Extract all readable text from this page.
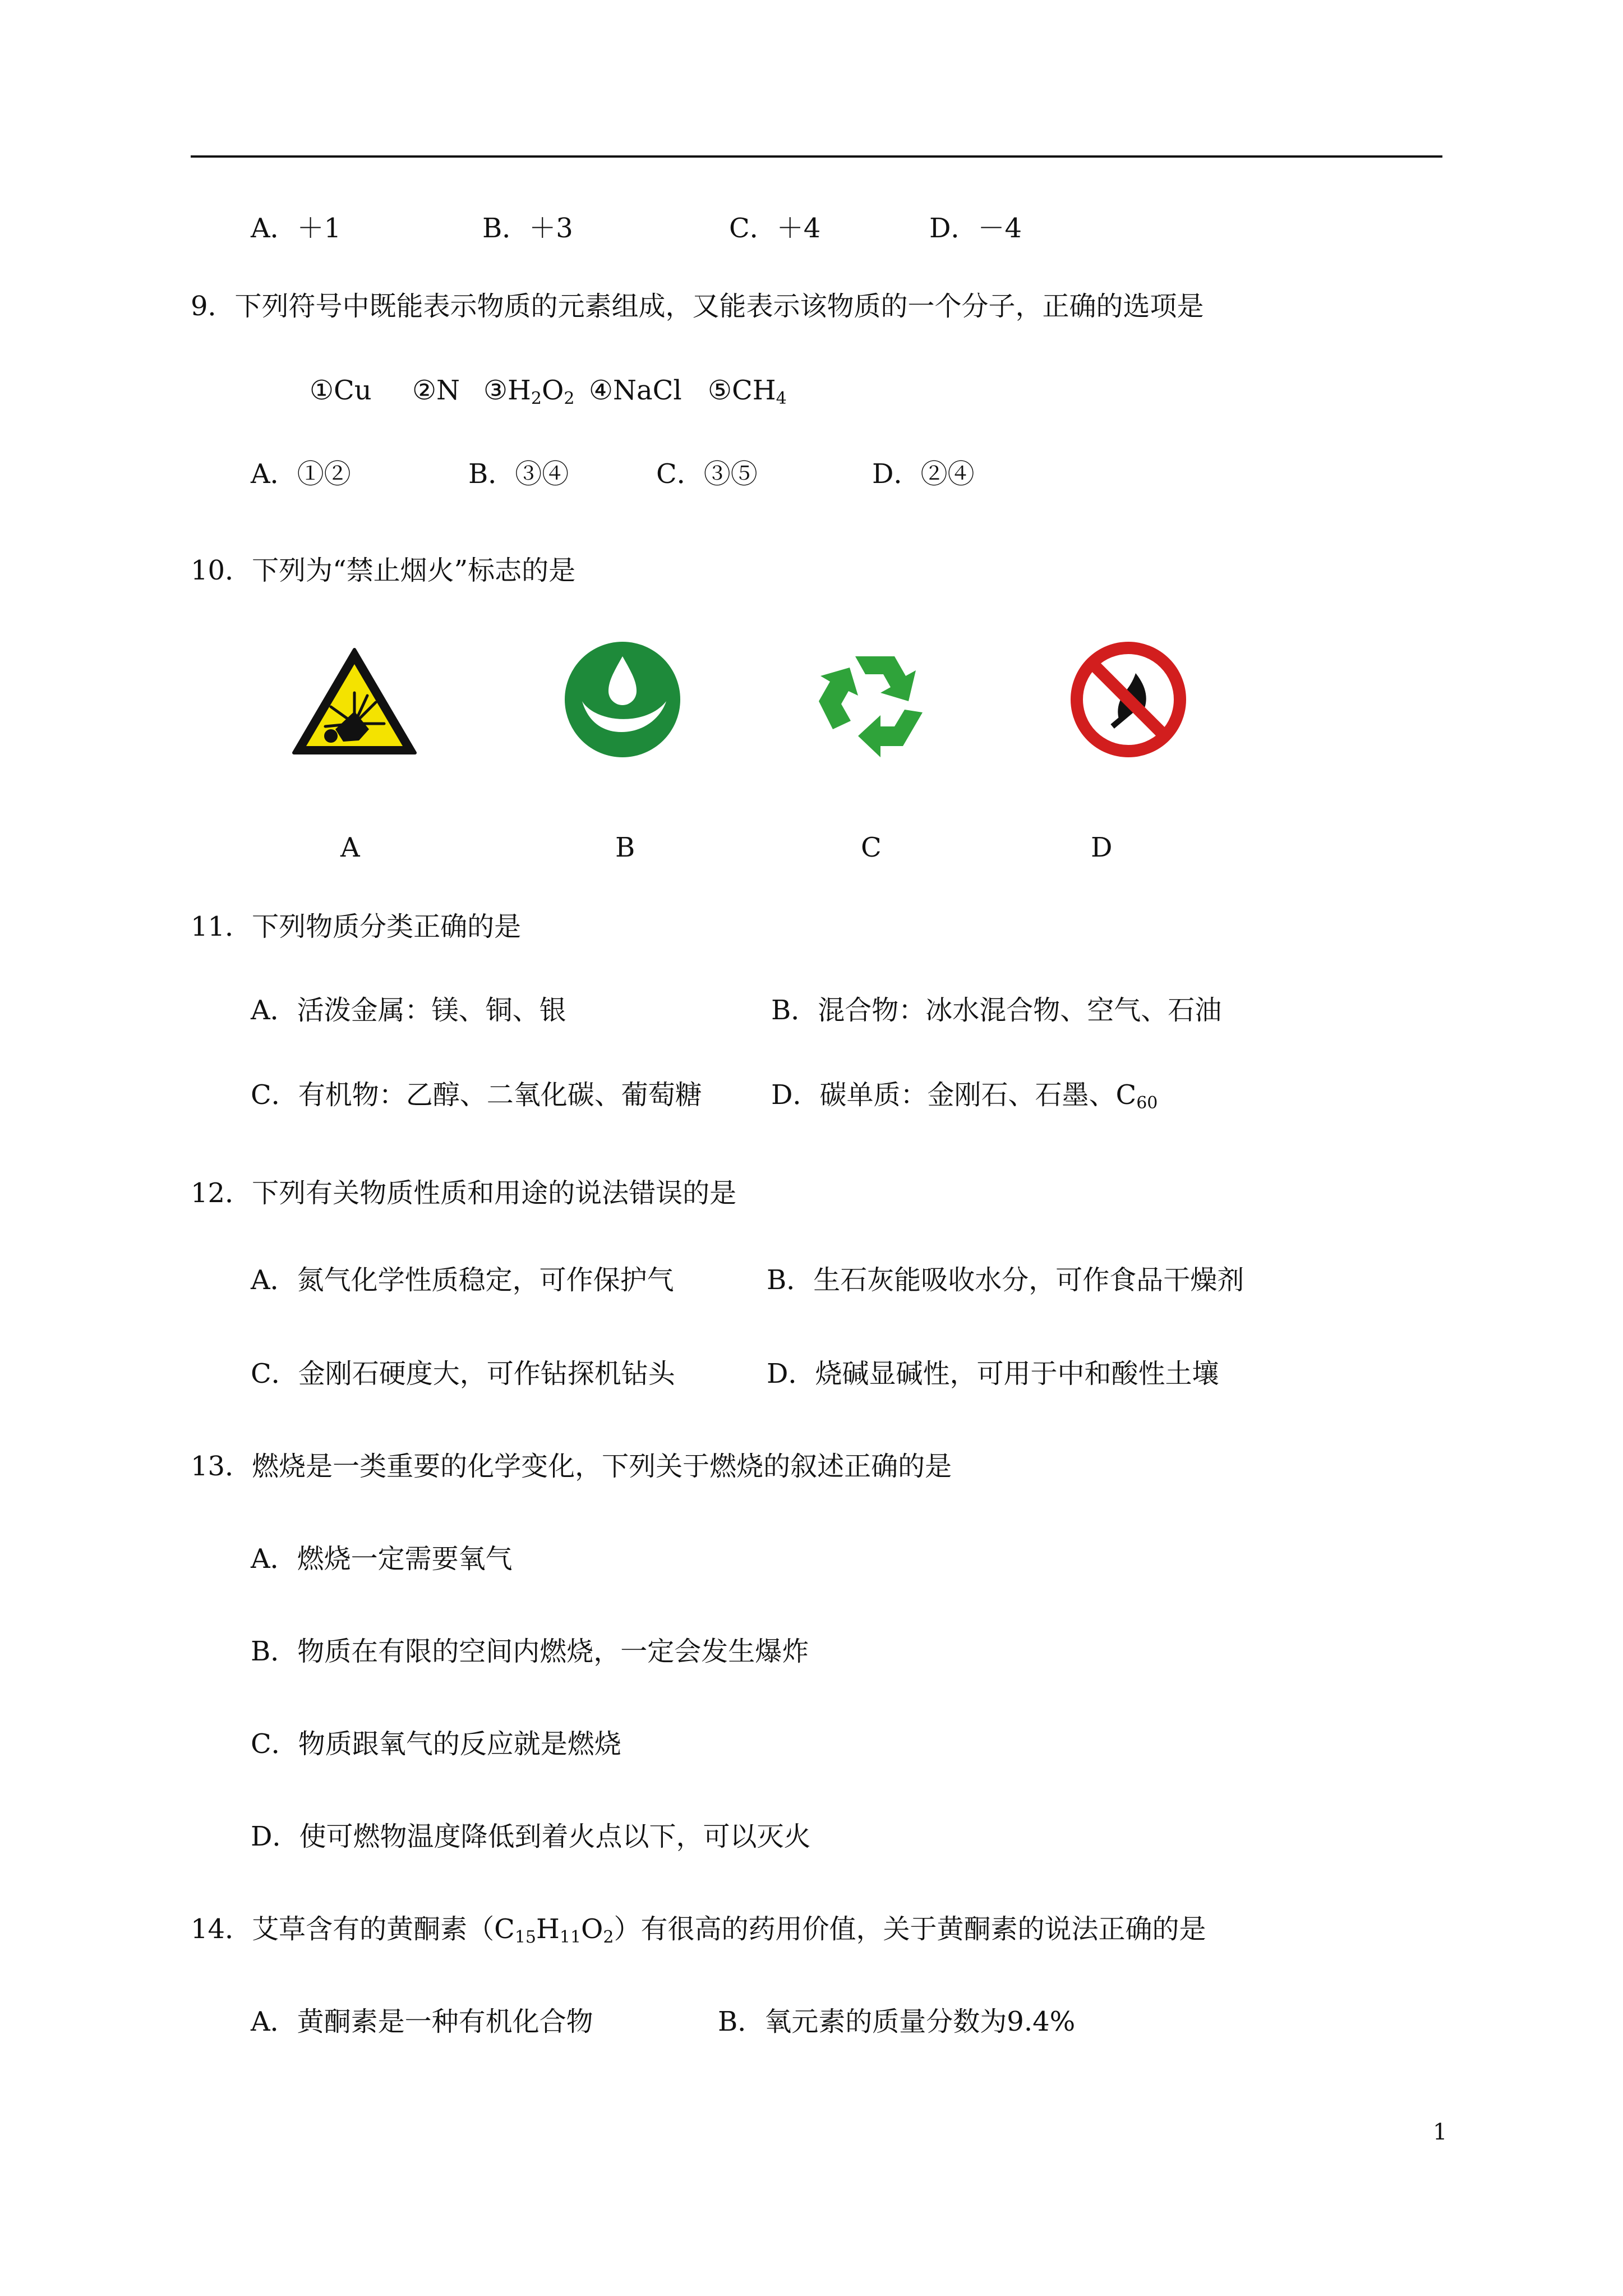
A．＋1	B．＋3	C．＋4	D．－4
9．下列符号中既能表示物质的元素组成，又能表示该物质的一个分子，正确的选项是
①Cu ②N $③H_2O_2$ ④NaCl $⑤CH_4$
A．①②	B．③④	C．③⑤	D．②④
10．下列为“禁止烟火”标志的是
A	B	C	D
11．下列物质分类正确的是
A．活泼金属：镁、铜、银	B．混合物：冰水混合物、空气、石油
C．有机物：乙醇、二氧化碳、葡萄糖	D．碳单质：金刚石、石墨、$C_{60}$
12．下列有关物质性质和用途的说法错误的是
A．氮气化学性质稳定，可作保护气	B．生石灰能吸收水分，可作食品干燥剂
C．金刚石硬度大，可作钻探机钻头	D．烧碱显碱性，可用于中和酸性土壤
13．燃烧是一类重要的化学变化，下列关于燃烧的叙述正确的是
A．燃烧一定需要氧气
B．物质在有限的空间内燃烧，一定会发生爆炸
C．物质跟氧气的反应就是燃烧
D．使可燃物温度降低到着火点以下，可以灭火
14．艾草含有的黄酮素$(C_{15}H_{11}O_2)$有很高的药用价值，关于黄酮素的说法正确的是
A．黄酮素是一种有机化合物	B．氧元素的质量分数为9.4%
1
